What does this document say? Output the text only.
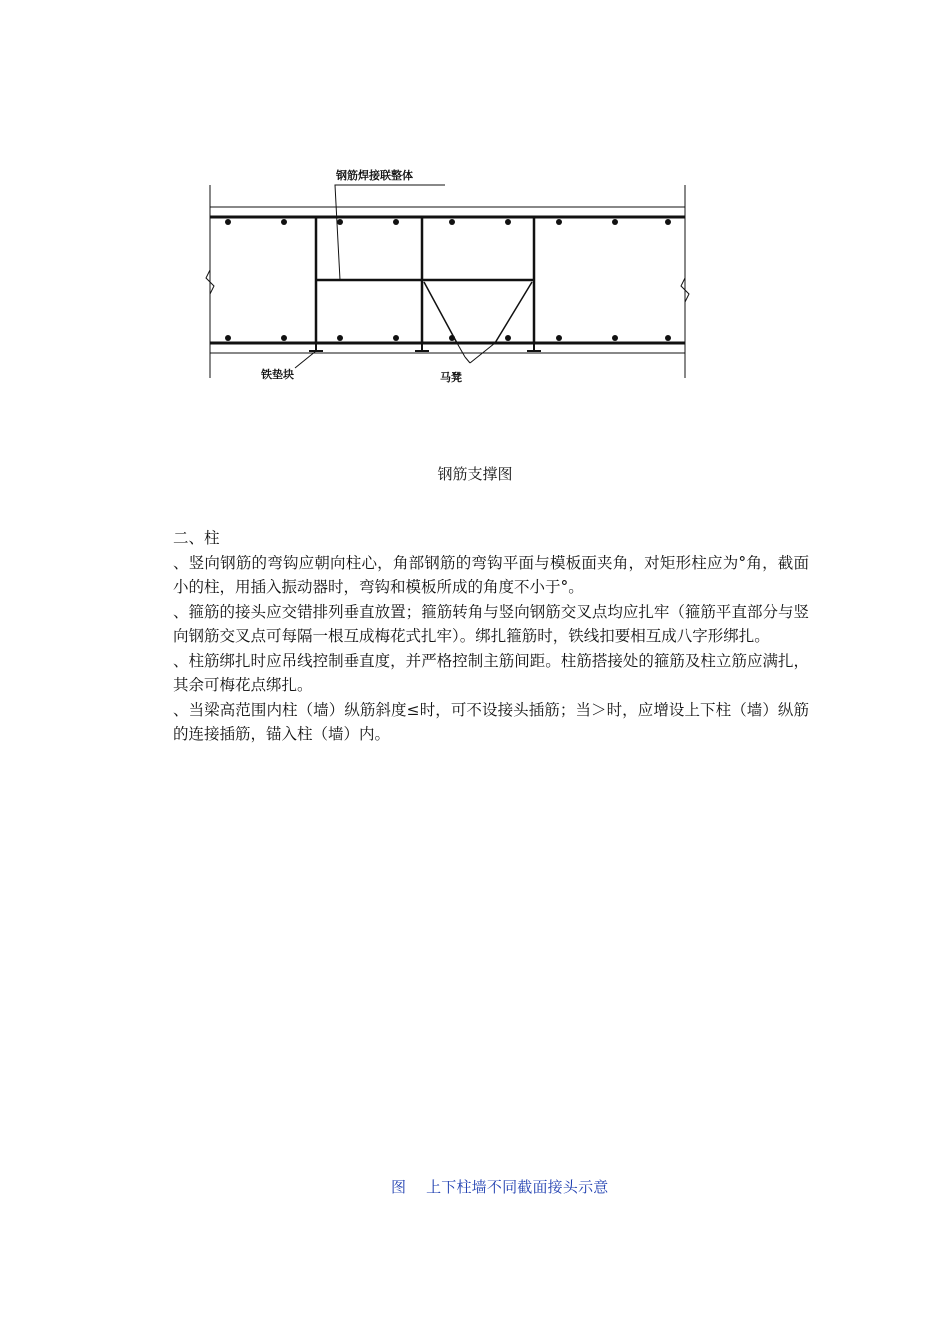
钢筋焊接联整体
铁垫块	马凳
钢筋支撑图

二、柱

、竖向钢筋的弯钩应朝向柱心，角部钢筋的弯钩平面与模板面夹角，对矩形柱应为°角，截面小的柱，用插入振动器时，弯钩和模板所成的角度不小于°。

、箍筋的接头应交错排列垂直放置；箍筋转角与竖向钢筋交叉点均应扎牢（箍筋平直部分与竖向钢筋交叉点可每隔一根互成梅花式扎牢）。绑扎箍筋时，铁线扣要相互成八字形绑扎。

、柱筋绑扎时应吊线控制垂直度，并严格控制主筋间距。柱筋搭接处的箍筋及柱立筋应满扎，其余可梅花点绑扎。

、当梁高范围内柱（墙）纵筋斜度≤时，可不设接头插筋；当＞时，应增设上下柱（墙）纵筋的连接插筋，锚入柱（墙）内。

图    上下柱墙不同截面接头示意
